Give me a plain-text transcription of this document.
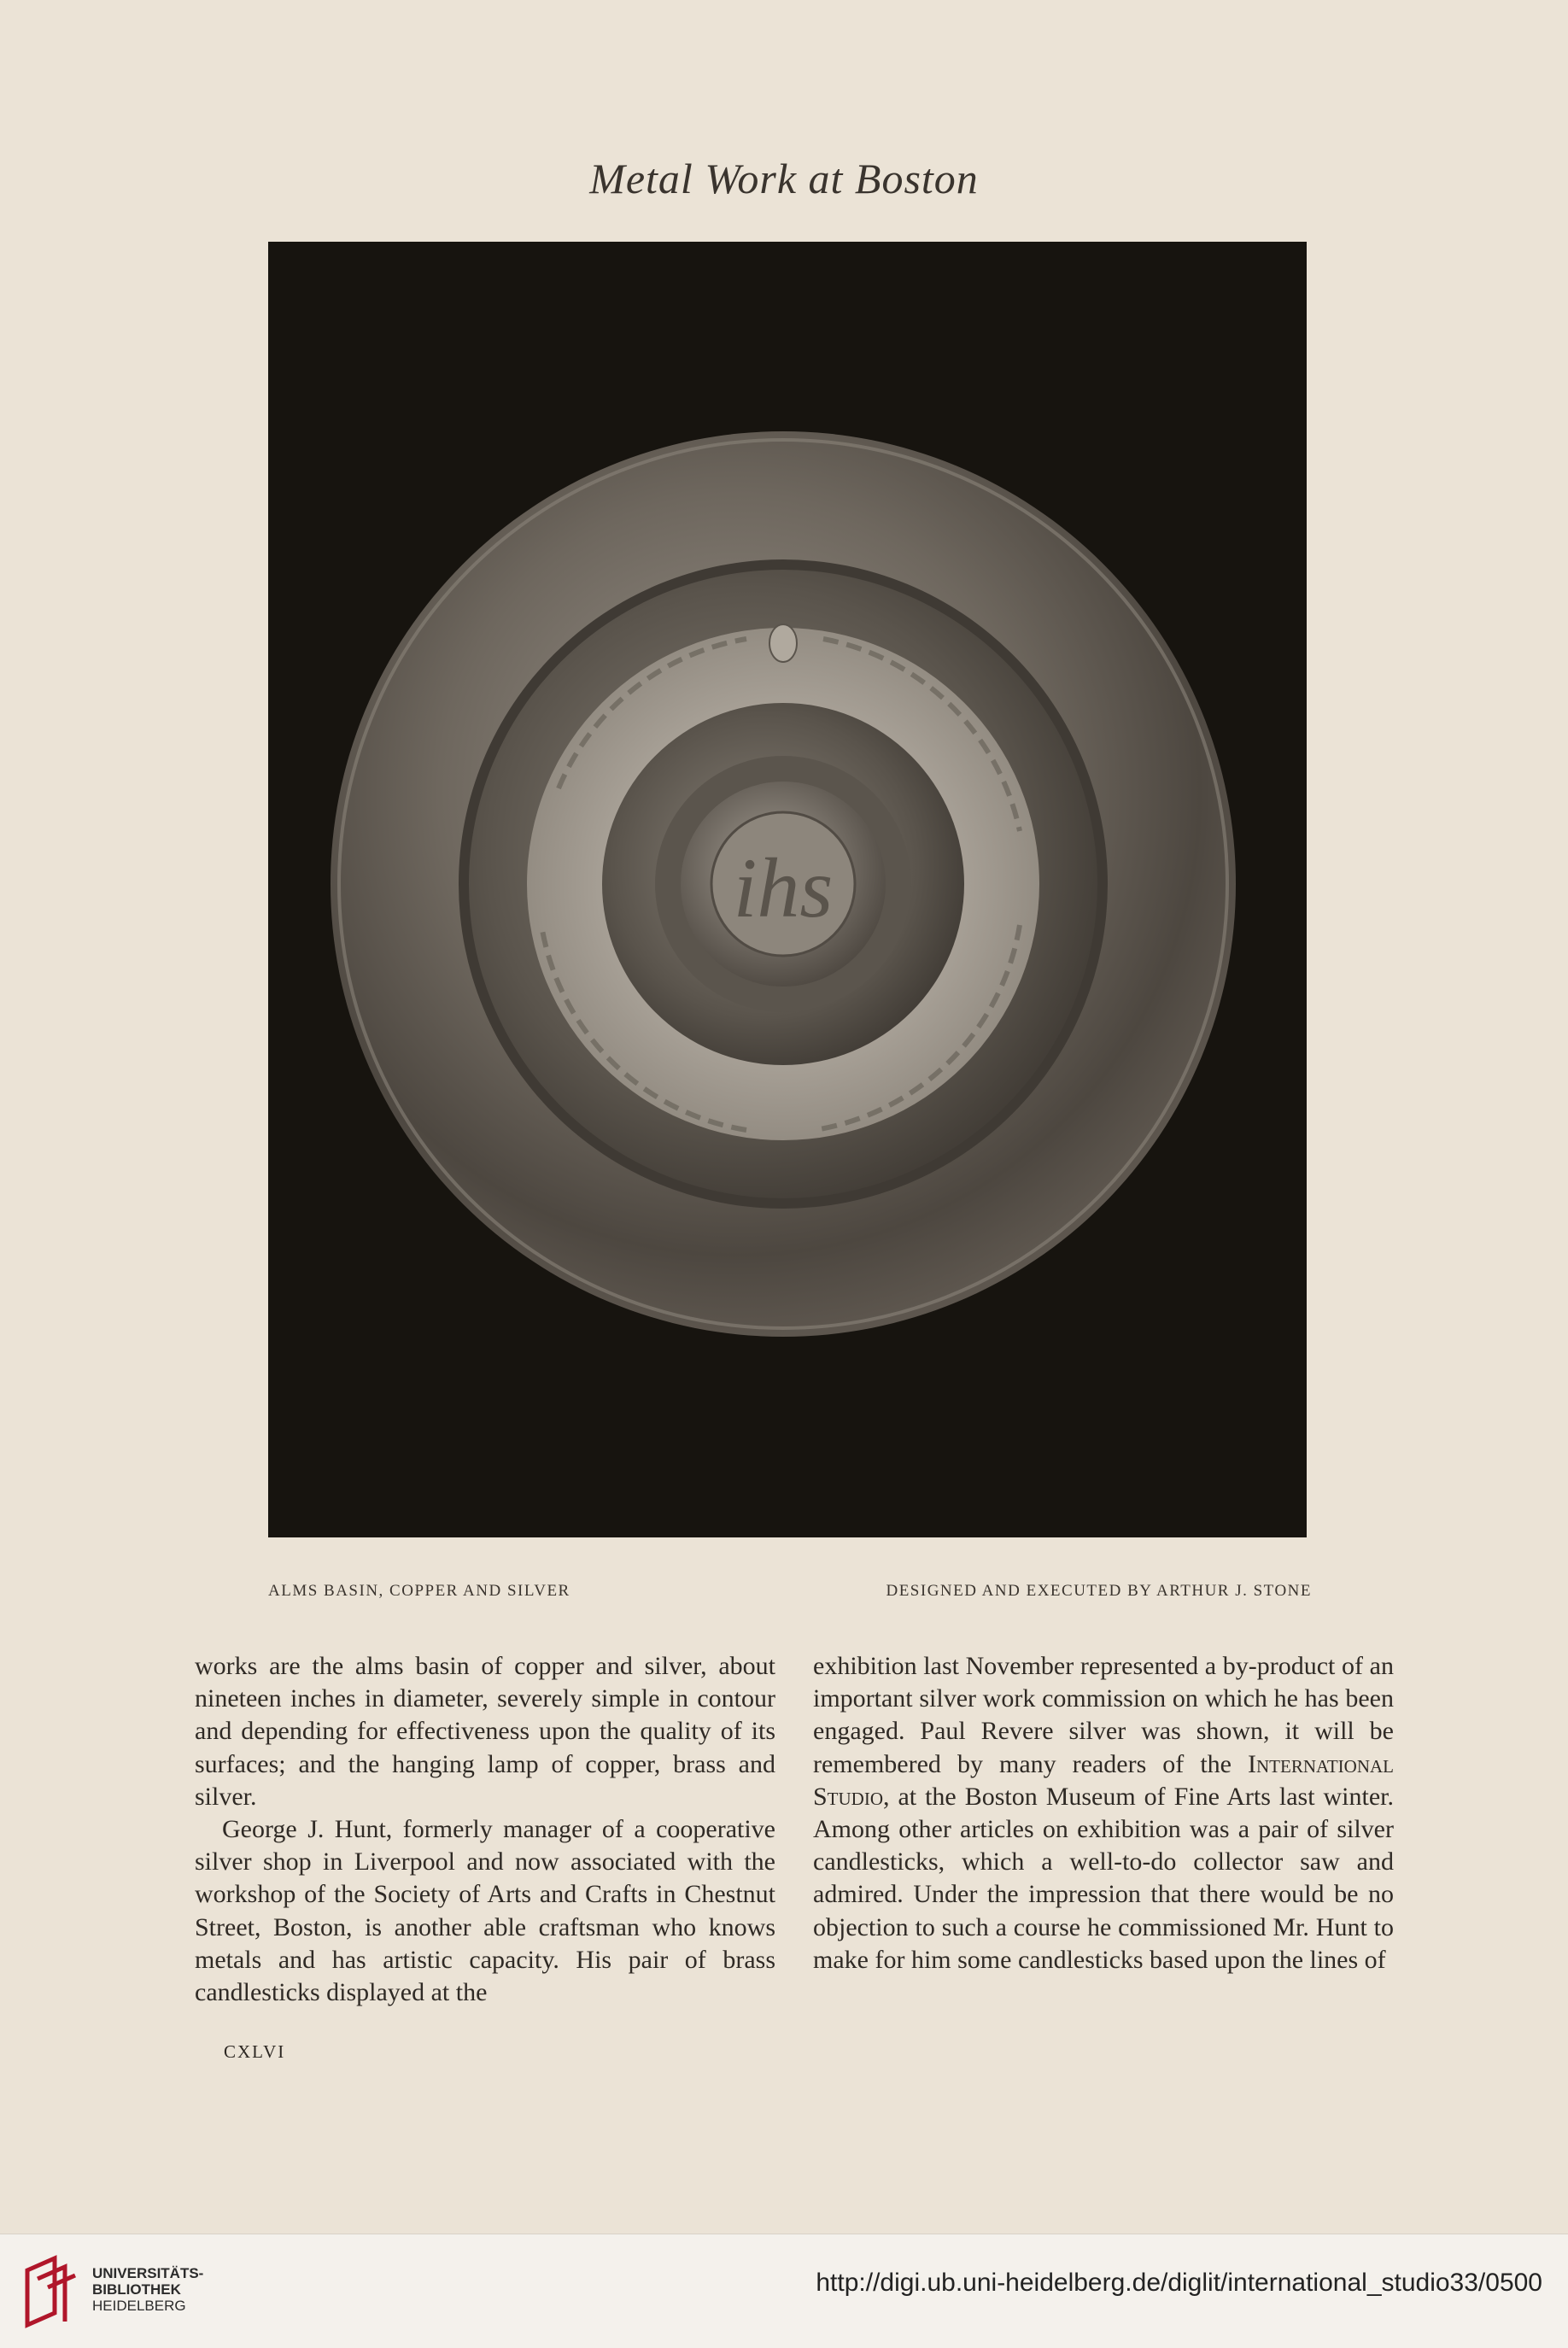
Metal Work at Boston
ihs
ALMS BASIN, COPPER AND SILVER	DESIGNED AND EXECUTED BY ARTHUR J. STONE

works are the alms basin of copper and silver, about nineteen inches in diameter, severely simple in contour and depending for effectiveness upon the quality of its surfaces; and the hanging lamp of copper, brass and silver.

George J. Hunt, formerly manager of a cooperative silver shop in Liverpool and now associated with the workshop of the Society of Arts and Crafts in Chestnut Street, Boston, is another able craftsman who knows metals and has artistic capacity. His pair of brass candlesticks displayed at the

exhibition last November represented a by-product of an important silver work commission on which he has been engaged. Paul Revere silver was shown, it will be remembered by many readers of the International Studio, at the Boston Museum of Fine Arts last winter. Among other articles on exhibition was a pair of silver candlesticks, which a well-to-do collector saw and admired. Under the impression that there would be no objection to such a course he commissioned Mr. Hunt to make for him some candlesticks based upon the lines of

CXLVI
UNIVERSITÄTS-
BIBLIOTHEK
HEIDELBERG
http://digi.ub.uni-heidelberg.de/diglit/international_studio33/0500
